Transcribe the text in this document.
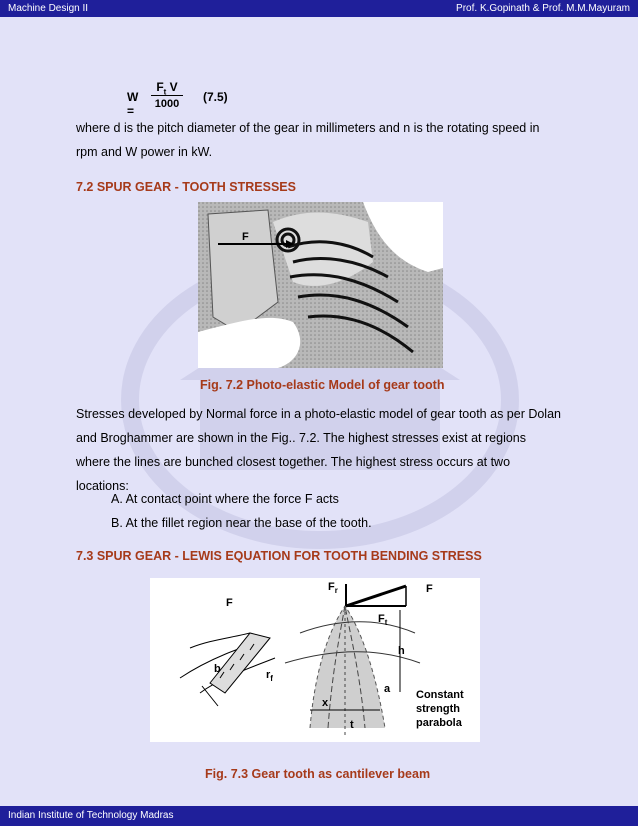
Machine Design II	Prof. K.Gopinath & Prof. M.M.Mayuram
W =
$F_t$ V
1000	(7.5)
where d is the pitch diameter of the gear in millimeters and n is the rotating speed in
rpm and W power in kW.
7.2 SPUR GEAR - TOOTH STRESSES
F
Fig. 7.2 Photo-elastic Model of gear tooth
Stresses developed by Normal force in a photo-elastic model of gear tooth as per Dolan
and Broghammer are shown in the Fig.. 7.2. The highest stresses exist at regions
where the lines are bunched closest together. The highest stress occurs at two
locations:
A. At contact point where the force F acts
B. At the fillet region near the base of the tooth.
7.3 SPUR GEAR - LEWIS EQUATION FOR TOOTH BENDING STRESS
F
b
$F_r$	F
$F_t$
h
$r_f$
a
x
t
Constant
strength
parabola
Fig. 7.3 Gear tooth as cantilever beam
Indian Institute of Technology Madras
